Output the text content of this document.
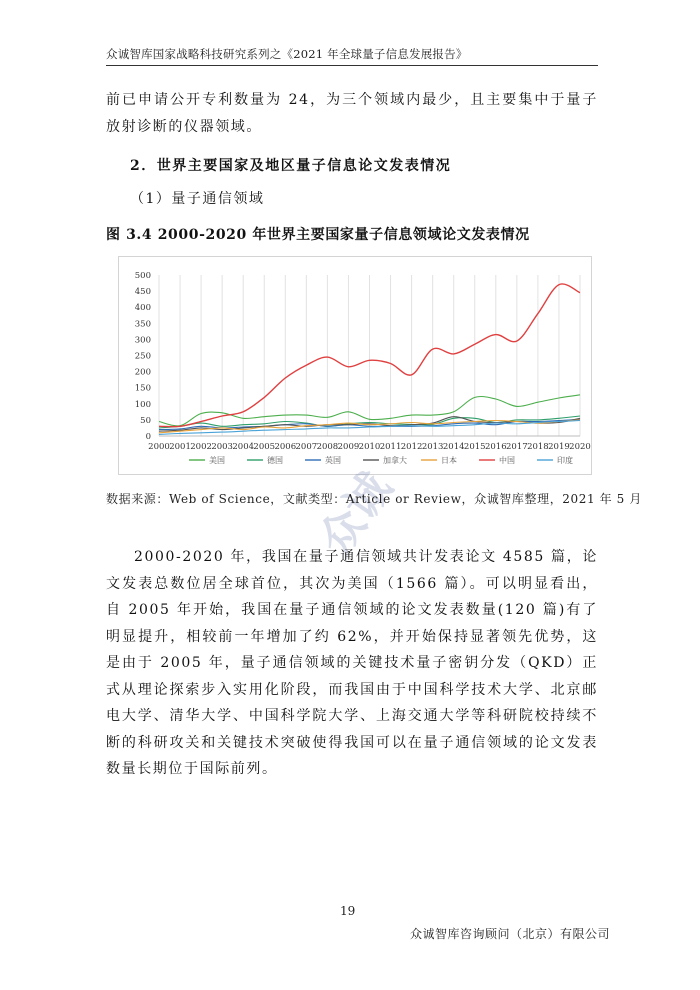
众诚智库国家战略科技研究系列之《2021 年全球量子信息发展报告》

前已申请公开专利数量为 24，为三个领域内最少，且主要集中于量子放射诊断的仪器领域。

2．世界主要国家及地区量子信息论文发表情况
（1）量子通信领域
图 3.4 2000-2020 年世界主要国家量子信息领域论文发表情况
0
50
100
150
200
250
300
350
400
450
500
2000 2001 2002 2003 2004 2005 2006 2007 2008 2009 2010 2011 2012 2013 2014 2015 2016 2017 2018 2019 2020
美国	德国	英国	加拿大	日本	中国	印度
众诚
数据来源：Web of Science，文献类型：Article or Review，众诚智库整理，2021 年 5 月

2000-2020 年，我国在量子通信领域共计发表论文 4585 篇，论文发表总数位居全球首位，其次为美国（1566 篇）。可以明显看出，自 2005 年开始，我国在量子通信领域的论文发表数量(120 篇)有了明显提升，相较前一年增加了约 62%，并开始保持显著领先优势，这是由于 2005 年，量子通信领域的关键技术量子密钥分发（QKD）正式从理论探索步入实用化阶段，而我国由于中国科学技术大学、北京邮电大学、清华大学、中国科学院大学、上海交通大学等科研院校持续不断的科研攻关和关键技术突破使得我国可以在量子通信领域的论文发表数量长期位于国际前列。

19
众诚智库咨询顾问（北京）有限公司
